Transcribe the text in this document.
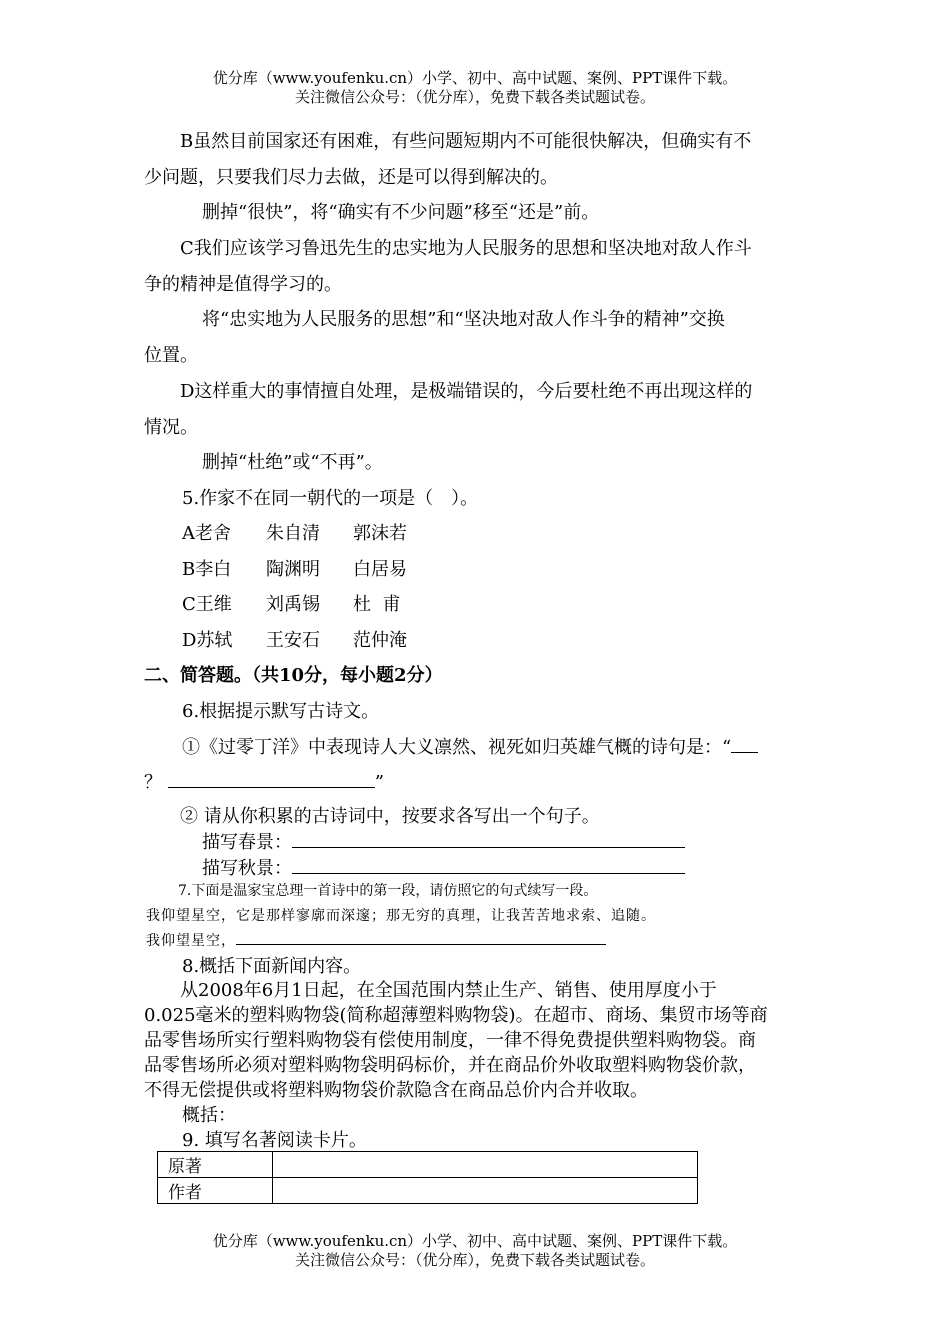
优分库（www.youfenku.cn）小学、初中、高中试题、案例、PPT课件下载。
关注微信公众号：（优分库），免费下载各类试题试卷。
B虽然目前国家还有困难，有些问题短期内不可能很快解决，但确实有不
少问题，只要我们尽力去做，还是可以得到解决的。
删掉“很快”，将“确实有不少问题”移至“还是”前。
C我们应该学习鲁迅先生的忠实地为人民服务的思想和坚决地对敌人作斗
争的精神是值得学习的。
将“忠实地为人民服务的思想”和“坚决地对敌人作斗争的精神”交换
位置。
D这样重大的事情擅自处理，是极端错误的，今后要杜绝不再出现这样的
情况。
删掉“杜绝”或“不再”。
5.作家不在同一朝代的一项是（　）。
A老舍 朱自清 郭沫若
B李白 陶渊明 白居易
C王维 刘禹锡 杜  甫
D苏轼 王安石 范仲淹
二、简答题。（共10分，每小题2分）
6.根据提示默写古诗文。
①《过零丁洋》中表现诗人大义凛然、视死如归英雄气概的诗句是：“
？	”
② 请从你积累的古诗词中，按要求各写出一个句子。
描写春景：
描写秋景：
7.下面是温家宝总理一首诗中的第一段，请仿照它的句式续写一段。
我仰望星空，它是那样寥廓而深邃；那无穷的真理，让我苦苦地求索、追随。
我仰望星空，
8.概括下面新闻内容。
从2008年6月1日起，在全国范围内禁止生产、销售、使用厚度小于
0.025毫米的塑料购物袋(简称超薄塑料购物袋)。在超市、商场、集贸市场等商
品零售场所实行塑料购物袋有偿使用制度，一律不得免费提供塑料购物袋。商
品零售场所必须对塑料购物袋明码标价，并在商品价外收取塑料购物袋价款，
不得无偿提供或将塑料购物袋价款隐含在商品总价内合并收取。
概括：
9. 填写名著阅读卡片。
原著	
作者	
优分库（www.youfenku.cn）小学、初中、高中试题、案例、PPT课件下载。
关注微信公众号：（优分库），免费下载各类试题试卷。
